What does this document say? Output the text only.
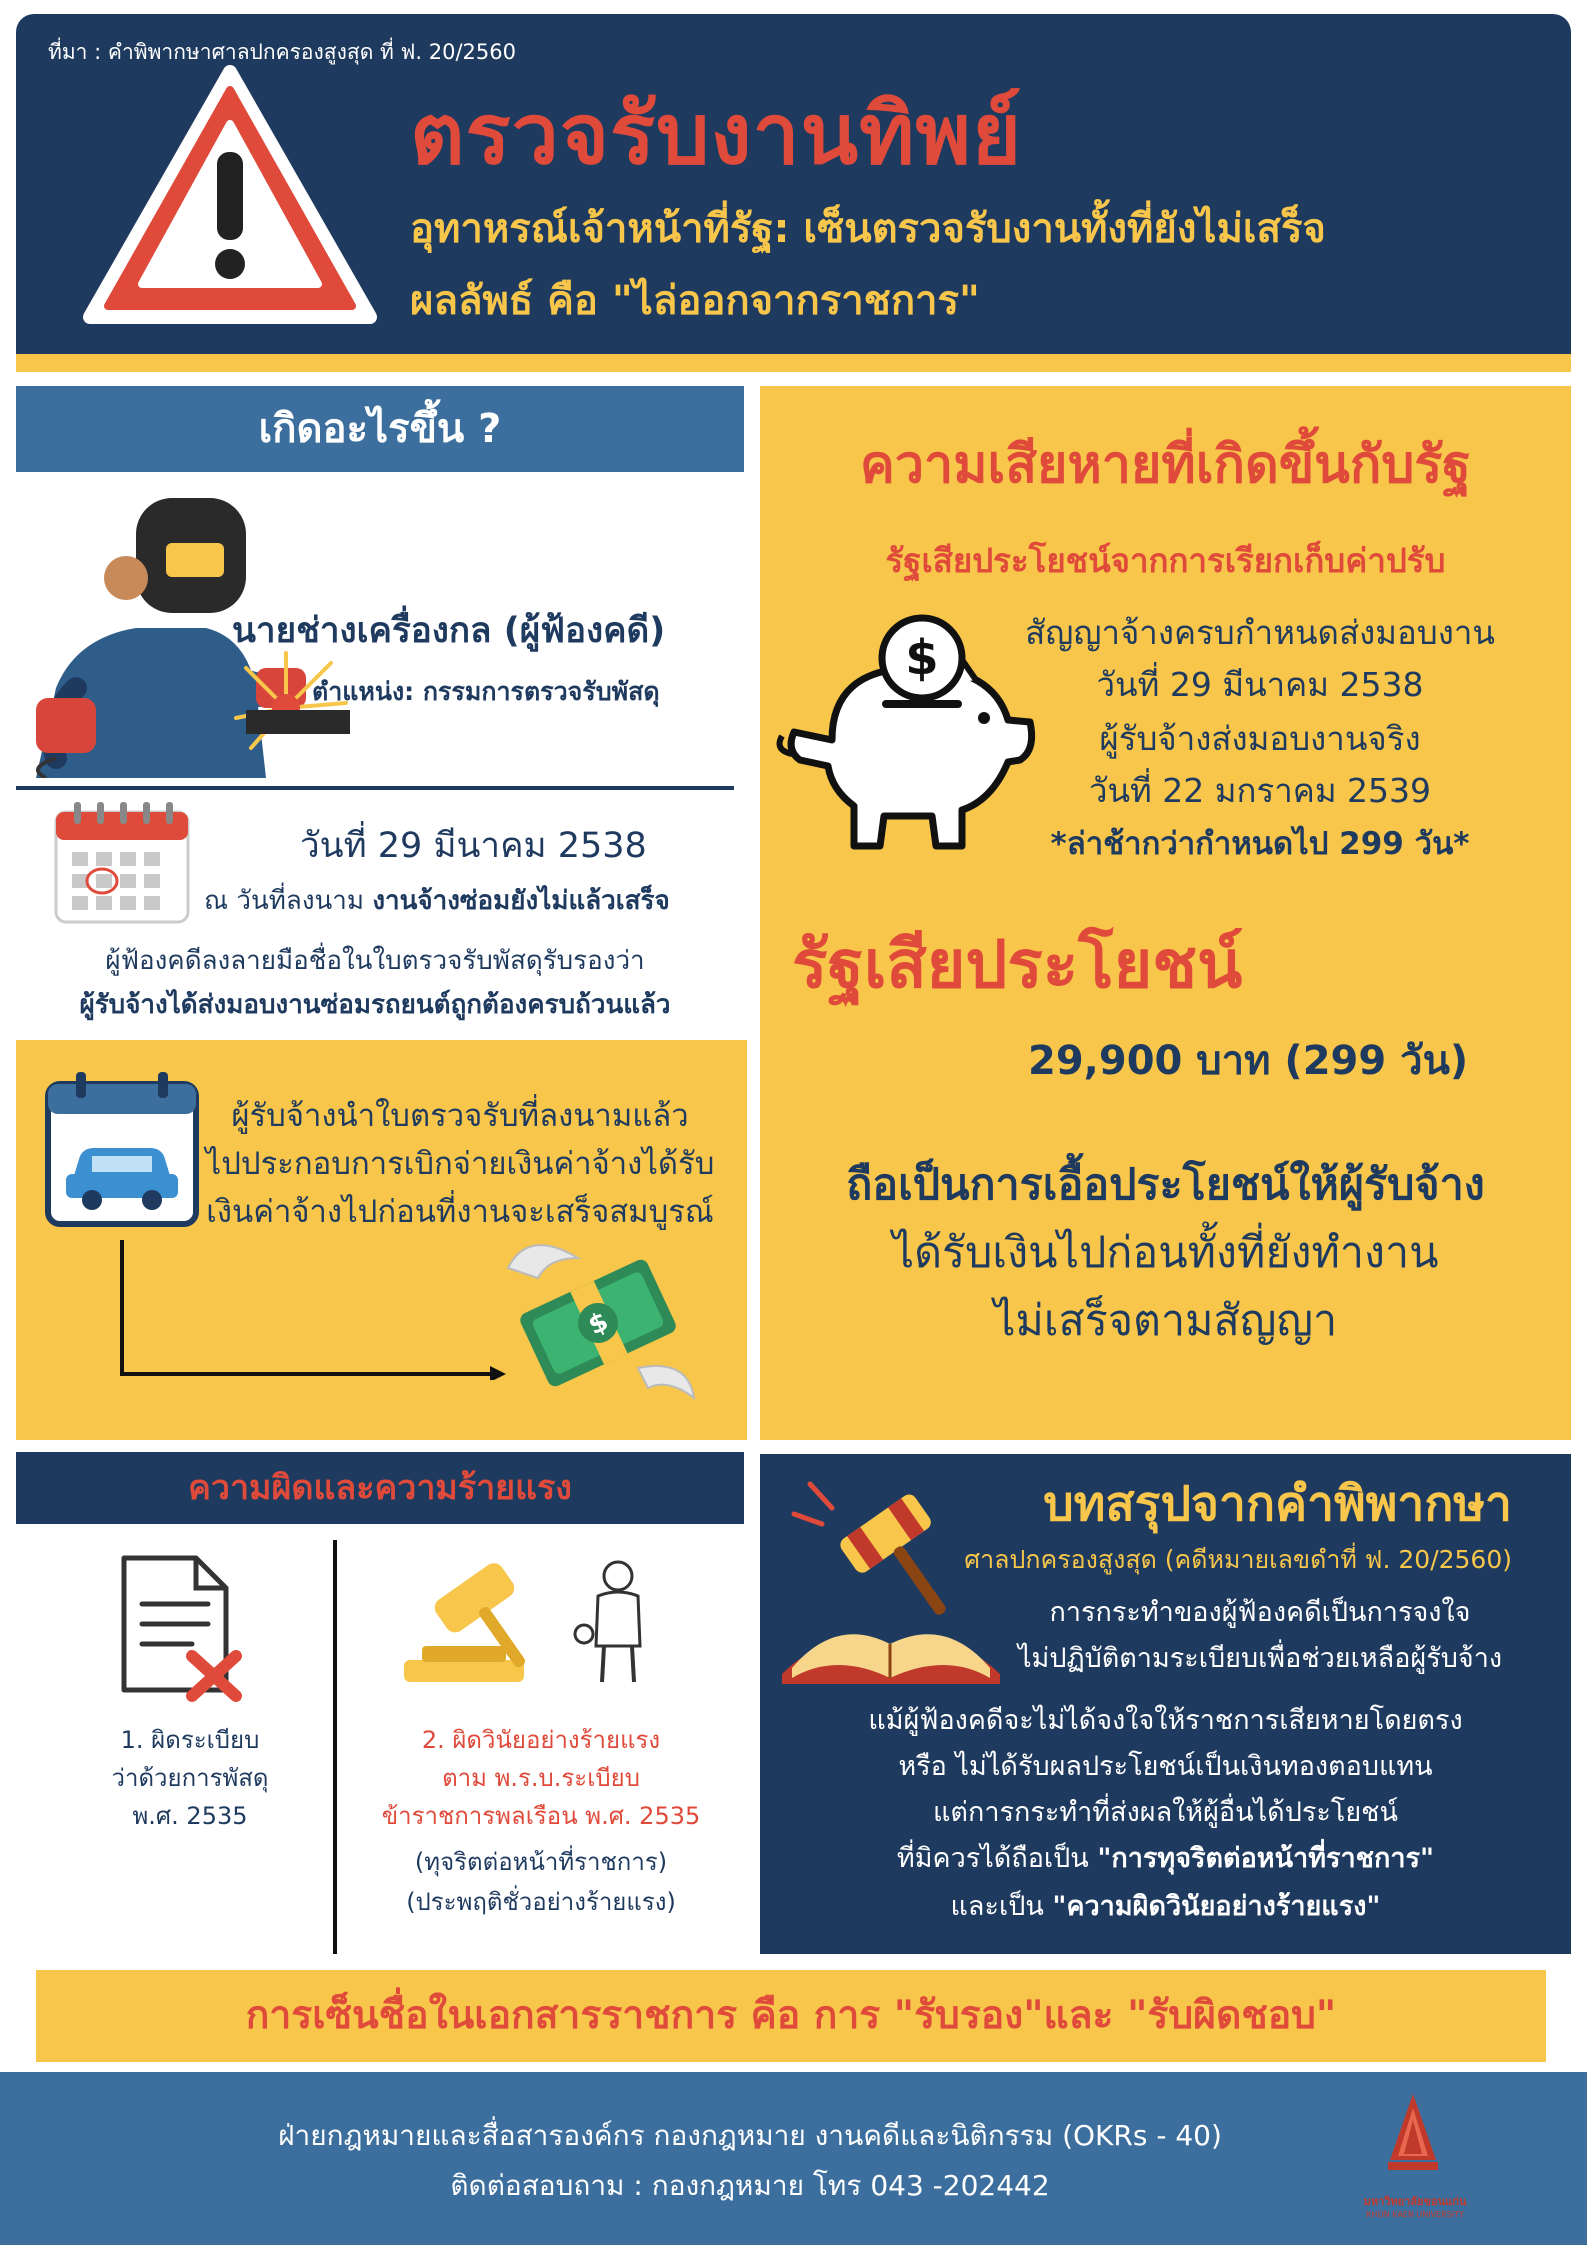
ที่มา : คำพิพากษาศาลปกครองสูงสุด ที่ ฟ. 20/2560
ตรวจรับงานทิพย์
อุทาหรณ์เจ้าหน้าที่รัฐ: เซ็นตรวจรับงานทั้งที่ยังไม่เสร็จ
ผลลัพธ์ คือ "ไล่ออกจากราชการ"
เกิดอะไรขึ้น ?
นายช่างเครื่องกล (ผู้ฟ้องคดี)
ตำแหน่ง: กรรมการตรวจรับพัสดุ
วันที่ 29 มีนาคม 2538
ณ วันที่ลงนาม งานจ้างซ่อมยังไม่แล้วเสร็จ
ผู้ฟ้องคดีลงลายมือชื่อในใบตรวจรับพัสดุรับรองว่า
ผู้รับจ้างได้ส่งมอบงานซ่อมรถยนต์ถูกต้องครบถ้วนแล้ว
ผู้รับจ้างนำใบตรวจรับที่ลงนามแล้ว
ไปประกอบการเบิกจ่ายเงินค่าจ้างได้รับ
เงินค่าจ้างไปก่อนที่งานจะเสร็จสมบูรณ์
$
ความเสียหายที่เกิดขึ้นกับรัฐ
รัฐเสียประโยชน์จากการเรียกเก็บค่าปรับ
$	สัญญาจ้างครบกำหนดส่งมอบงาน
วันที่ 29 มีนาคม 2538
ผู้รับจ้างส่งมอบงานจริง
วันที่ 22 มกราคม 2539
*ล่าช้ากว่ากำหนดไป 299 วัน*
รัฐเสียประโยชน์
29,900 บาท (299 วัน)
ถือเป็นการเอื้อประโยชน์ให้ผู้รับจ้าง
ได้รับเงินไปก่อนทั้งที่ยังทำงาน
ไม่เสร็จตามสัญญา
ความผิดและความร้ายแรง
1. ผิดระเบียบ
ว่าด้วยการพัสดุ
พ.ศ. 2535
2. ผิดวินัยอย่างร้ายแรง
ตาม พ.ร.บ.ระเบียบ
ข้าราชการพลเรือน พ.ศ. 2535
(ทุจริตต่อหน้าที่ราชการ)
(ประพฤติชั่วอย่างร้ายแรง)
บทสรุปจากคำพิพากษา
ศาลปกครองสูงสุด (คดีหมายเลขดำที่ ฟ. 20/2560)
การกระทำของผู้ฟ้องคดีเป็นการจงใจ
ไม่ปฏิบัติตามระเบียบเพื่อช่วยเหลือผู้รับจ้าง
แม้ผู้ฟ้องคดีจะไม่ได้จงใจให้ราชการเสียหายโดยตรง
หรือ ไม่ได้รับผลประโยชน์เป็นเงินทองตอบแทน
แต่การกระทำที่ส่งผลให้ผู้อื่นได้ประโยชน์
ที่มิควรได้ถือเป็น "การทุจริตต่อหน้าที่ราชการ"
และเป็น "ความผิดวินัยอย่างร้ายแรง"
การเซ็นชื่อในเอกสารราชการ คือ การ "รับรอง"และ "รับผิดชอบ"
ฝ่ายกฎหมายและสื่อสารองค์กร กองกฎหมาย งานคดีและนิติกรรม (OKRs - 40)
ติดต่อสอบถาม : กองกฎหมาย โทร 043 -202442	มหาวิทยาลัยขอนแก่น
KHON KAEN UNIVERSITY
